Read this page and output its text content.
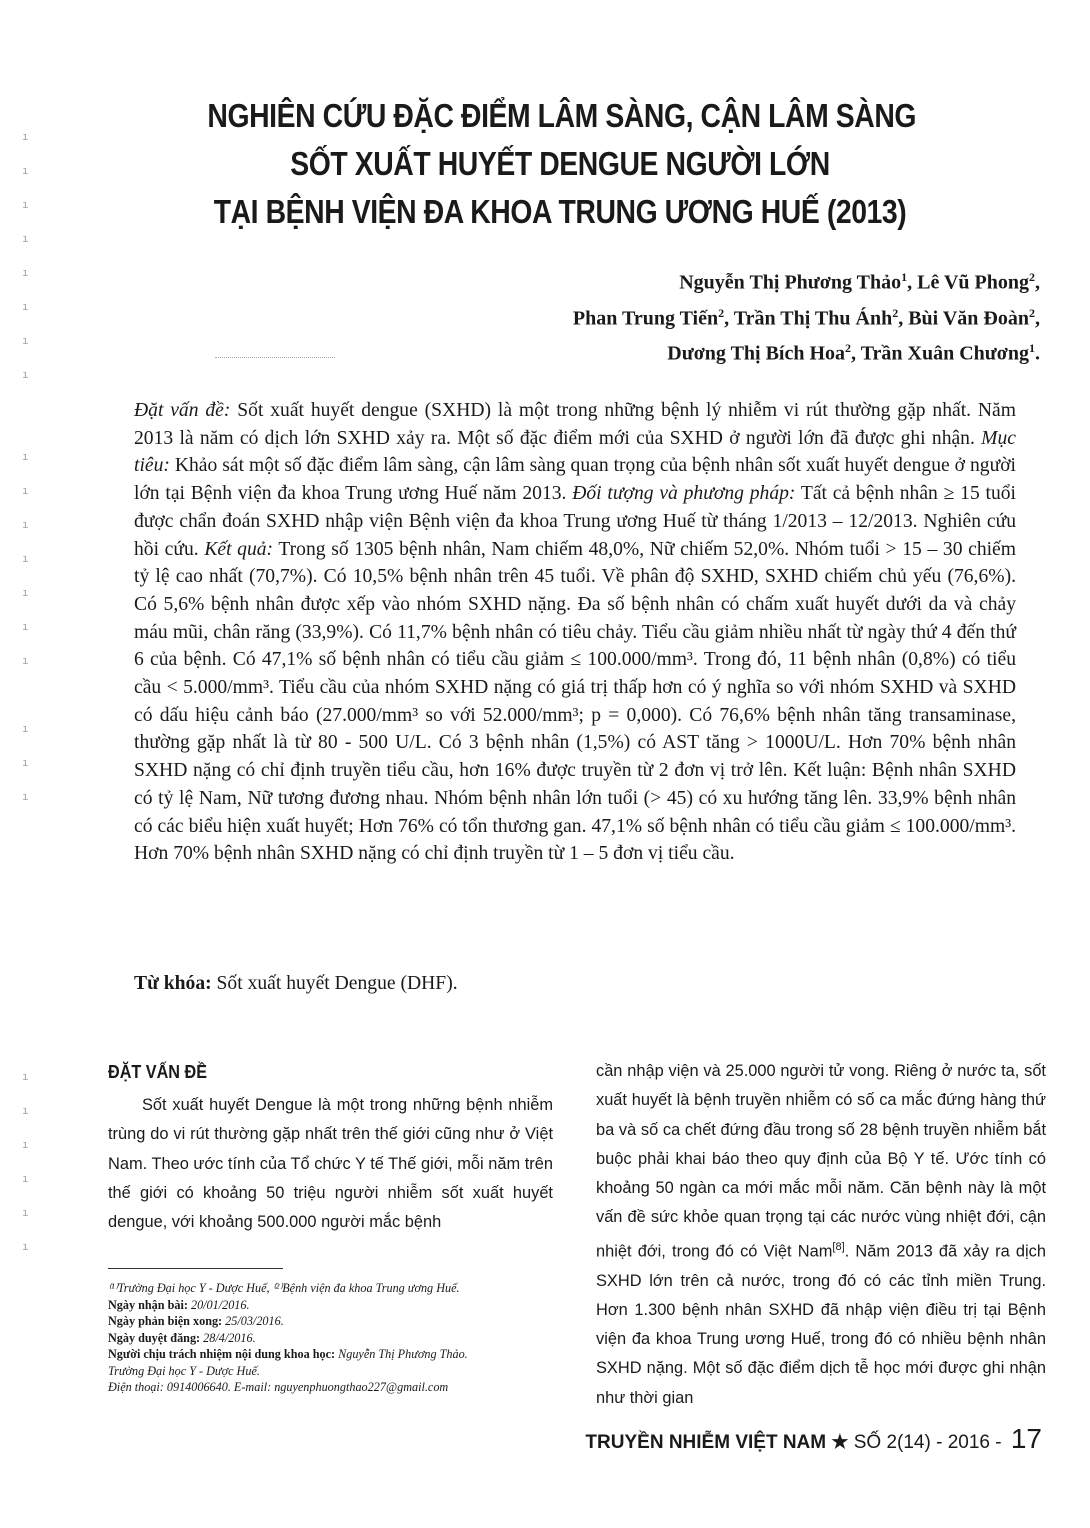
ı
ı
ı
ı
ı
ı
ı
ı
ı
ı
ı
ı
ı
ı
ı

ı
ı
ı
ı
ı
ı
ı
ı
ı
NGHIÊN CỨU ĐẶC ĐIỂM LÂM SÀNG, CẬN LÂM SÀNG
SỐT XUẤT HUYẾT DENGUE NGƯỜI LỚN
TẠI BỆNH VIỆN ĐA KHOA TRUNG ƯƠNG HUẾ (2013)
Nguyễn Thị Phương Thảo$^1$, Lê Vũ Phong$^2$,
Phan Trung Tiến$^2$, Trần Thị Thu Ánh$^2$, Bùi Văn Đoàn$^2$,
Dương Thị Bích Hoa$^2$, Trần Xuân Chương$^1$.

Đặt vấn đề: Sốt xuất huyết dengue (SXHD) là một trong những bệnh lý nhiễm vi rút thường gặp nhất. Năm 2013 là năm có dịch lớn SXHD xảy ra. Một số đặc điểm mới của SXHD ở người lớn đã được ghi nhận. Mục tiêu: Khảo sát một số đặc điểm lâm sàng, cận lâm sàng quan trọng của bệnh nhân sốt xuất huyết dengue ở người lớn tại Bệnh viện đa khoa Trung ương Huế năm 2013. Đối tượng và phương pháp: Tất cả bệnh nhân ≥ 15 tuổi được chẩn đoán SXHD nhập viện Bệnh viện đa khoa Trung ương Huế từ tháng 1/2013 – 12/2013. Nghiên cứu hồi cứu. Kết quả: Trong số 1305 bệnh nhân, Nam chiếm 48,0%, Nữ chiếm 52,0%. Nhóm tuổi > 15 – 30 chiếm tỷ lệ cao nhất (70,7%). Có 10,5% bệnh nhân trên 45 tuổi. Về phân độ SXHD, SXHD chiếm chủ yếu (76,6%). Có 5,6% bệnh nhân được xếp vào nhóm SXHD nặng. Đa số bệnh nhân có chấm xuất huyết dưới da và chảy máu mũi, chân răng (33,9%). Có 11,7% bệnh nhân có tiêu chảy. Tiểu cầu giảm nhiều nhất từ ngày thứ 4 đến thứ 6 của bệnh. Có 47,1% số bệnh nhân có tiểu cầu giảm ≤ 100.000/mm³. Trong đó, 11 bệnh nhân (0,8%) có tiểu cầu < 5.000/mm³. Tiểu cầu của nhóm SXHD nặng có giá trị thấp hơn có ý nghĩa so với nhóm SXHD và SXHD có dấu hiệu cảnh báo (27.000/mm³ so với 52.000/mm³; p = 0,000). Có 76,6% bệnh nhân tăng transaminase, thường gặp nhất là từ 80 - 500 U/L. Có 3 bệnh nhân (1,5%) có AST tăng > 1000U/L. Hơn 70% bệnh nhân SXHD nặng có chỉ định truyền tiểu cầu, hơn 16% được truyền từ 2 đơn vị trở lên. Kết luận: Bệnh nhân SXHD có tỷ lệ Nam, Nữ tương đương nhau. Nhóm bệnh nhân lớn tuổi (> 45) có xu hướng tăng lên. 33,9% bệnh nhân có các biểu hiện xuất huyết; Hơn 76% có tổn thương gan. 47,1% số bệnh nhân có tiểu cầu giảm ≤ 100.000/mm³. Hơn 70% bệnh nhân SXHD nặng có chỉ định truyền từ 1 – 5 đơn vị tiểu cầu.

Từ khóa: Sốt xuất huyết Dengue (DHF).
ĐẶT VẤN ĐỀ

Sốt xuất huyết Dengue là một trong những bệnh nhiễm trùng do vi rút thường gặp nhất trên thế giới cũng như ở Việt Nam. Theo ước tính của Tổ chức Y tế Thế giới, mỗi năm trên thế giới có khoảng 50 triệu người nhiễm sốt xuất huyết dengue, với khoảng 500.000 người mắc bệnh

cần nhập viện và 25.000 người tử vong. Riêng ở nước ta, sốt xuất huyết là bệnh truyền nhiễm có số ca mắc đứng hàng thứ ba và số ca chết đứng đầu trong số 28 bệnh truyền nhiễm bắt buộc phải khai báo theo quy định của Bộ Y tế. Ước tính có khoảng 50 ngàn ca mới mắc mỗi năm. Căn bệnh này là một vấn đề sức khỏe quan trọng tại các nước vùng nhiệt đới, cận nhiệt đới, trong đó có Việt Nam[8]. Năm 2013 đã xảy ra dịch SXHD lớn trên cả nước, trong đó có các tỉnh miền Trung. Hơn 1.300 bệnh nhân SXHD đã nhập viện điều trị tại Bệnh viện đa khoa Trung ương Huế, trong đó có nhiều bệnh nhân SXHD nặng. Một số đặc điểm dịch tễ học mới được ghi nhận như thời gian

⁽¹⁾Trường Đại học Y - Dược Huế, ⁽²⁾Bệnh viện đa khoa Trung ương Huế.
Ngày nhận bài: 20/01/2016.
Ngày phản biện xong: 25/03/2016.
Ngày duyệt đăng: 28/4/2016.
Người chịu trách nhiệm nội dung khoa học: Nguyễn Thị Phương Thảo.
Trường Đại học Y - Dược Huế.
Điện thoại: 0914006640. E-mail: nguyenphuongthao227@gmail.com
TRUYỀN NHIỄM VIỆT NAM ★ SỐ 2(14) - 2016 - 17
